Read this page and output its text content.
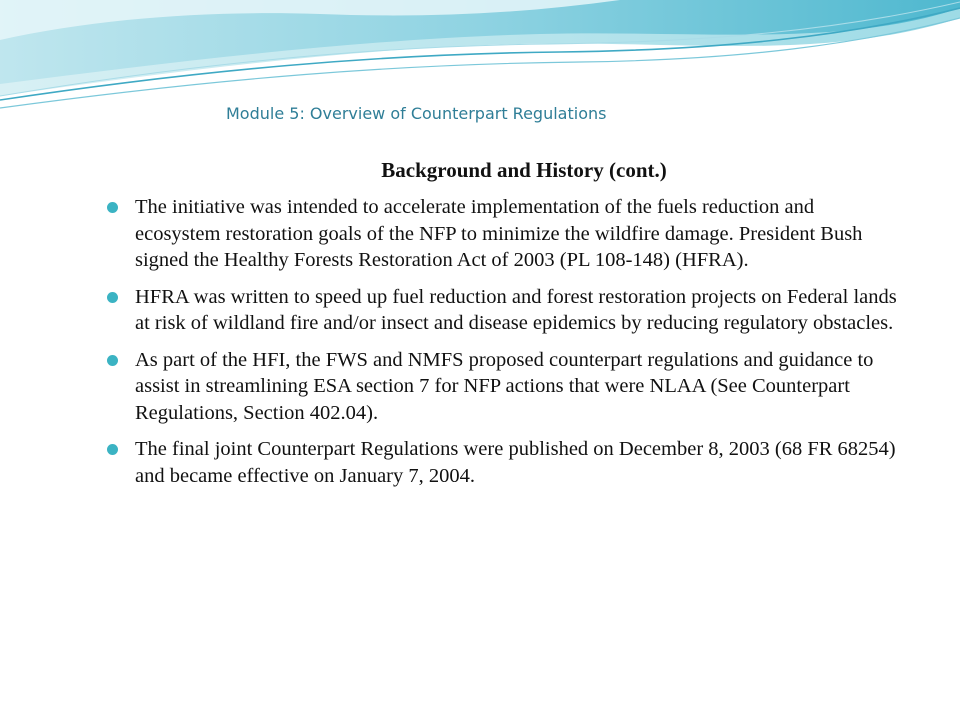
Module 5: Overview of Counterpart Regulations
Background and History (cont.)
The initiative was intended to accelerate implementation of the fuels reduction and ecosystem restoration goals of the NFP to minimize the wildfire damage. President Bush signed the Healthy Forests Restoration Act of 2003 (PL 108-148) (HFRA).
HFRA was written to speed up fuel reduction and forest restoration projects on Federal lands at risk of wildland fire and/or insect and disease epidemics by reducing regulatory obstacles.
As part of the HFI, the FWS and NMFS proposed counterpart regulations and guidance to assist in streamlining ESA section 7 for NFP actions that were NLAA (See Counterpart Regulations, Section 402.04).
The final joint Counterpart Regulations were published on December 8, 2003 (68 FR 68254) and became effective on January 7, 2004.
